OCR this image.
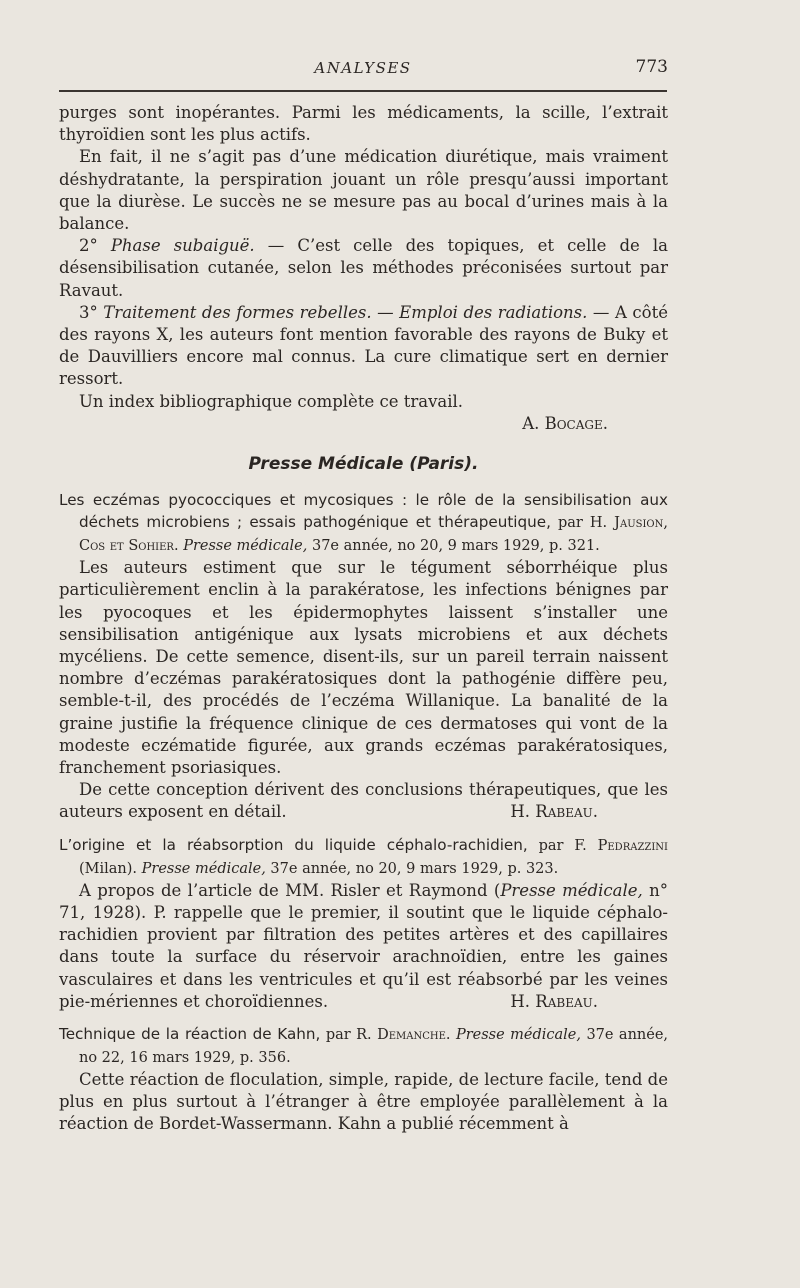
ANALYSES	773

purges sont inopérantes. Parmi les médicaments, la scille, l’extrait thyroïdien sont les plus actifs.

En fait, il ne s’agit pas d’une médication diurétique, mais vraiment déshydratante, la perspiration jouant un rôle presqu’aussi important que la diurèse. Le succès ne se mesure pas au bocal d’urines mais à la balance.

2° Phase subaiguë. — C’est celle des topiques, et celle de la désensibilisation cutanée, selon les méthodes préconisées surtout par Ravaut.

3° Traitement des formes rebelles. — Emploi des radiations. — A côté des rayons X, les auteurs font mention favorable des rayons de Buky et de Dauvilliers encore mal connus. La cure climatique sert en dernier ressort.

Un index bibliographique complète ce travail.

A. Bocage.

Presse Médicale (Paris).

Les eczémas pyococciques et mycosiques : le rôle de la sensibilisation aux déchets microbiens ; essais pathogénique et thérapeutique, par H. Jausion, Cos et Sohier. Presse médicale, 37e année, no 20, 9 mars 1929, p. 321.

Les auteurs estiment que sur le tégument séborrhéique plus particulièrement enclin à la parakératose, les infections bénignes par les pyocoques et les épidermophytes laissent s’installer une sensibilisation antigénique aux lysats microbiens et aux déchets mycéliens. De cette semence, disent-ils, sur un pareil terrain naissent nombre d’eczémas parakératosiques dont la pathogénie diffère peu, semble-t-il, des procédés de l’eczéma Willanique. La banalité de la graine justifie la fréquence clinique de ces dermatoses qui vont de la modeste eczématide figurée, aux grands eczémas parakératosiques, franchement psoriasiques.

De cette conception dérivent des conclusions thérapeutiques, que les auteurs exposent en détail.	H. Rabeau.

L’origine et la réabsorption du liquide céphalo-rachidien, par F. Pedrazzini (Milan). Presse médicale, 37e année, no 20, 9 mars 1929, p. 323.

A propos de l’article de MM. Risler et Raymond (Presse médicale, n° 71, 1928). P. rappelle que le premier, il soutint que le liquide céphalo-rachidien provient par filtration des petites artères et des capillaires dans toute la surface du réservoir arachnoïdien, entre les gaines vasculaires et dans les ventricules et qu’il est réabsorbé par les veines pie-mériennes et choroïdiennes.	H. Rabeau.

Technique de la réaction de Kahn, par R. Demanche. Presse médicale, 37e année, no 22, 16 mars 1929, p. 356.

Cette réaction de floculation, simple, rapide, de lecture facile, tend de plus en plus surtout à l’étranger à être employée parallèlement à la réaction de Bordet-Wassermann. Kahn a publié récemment à
